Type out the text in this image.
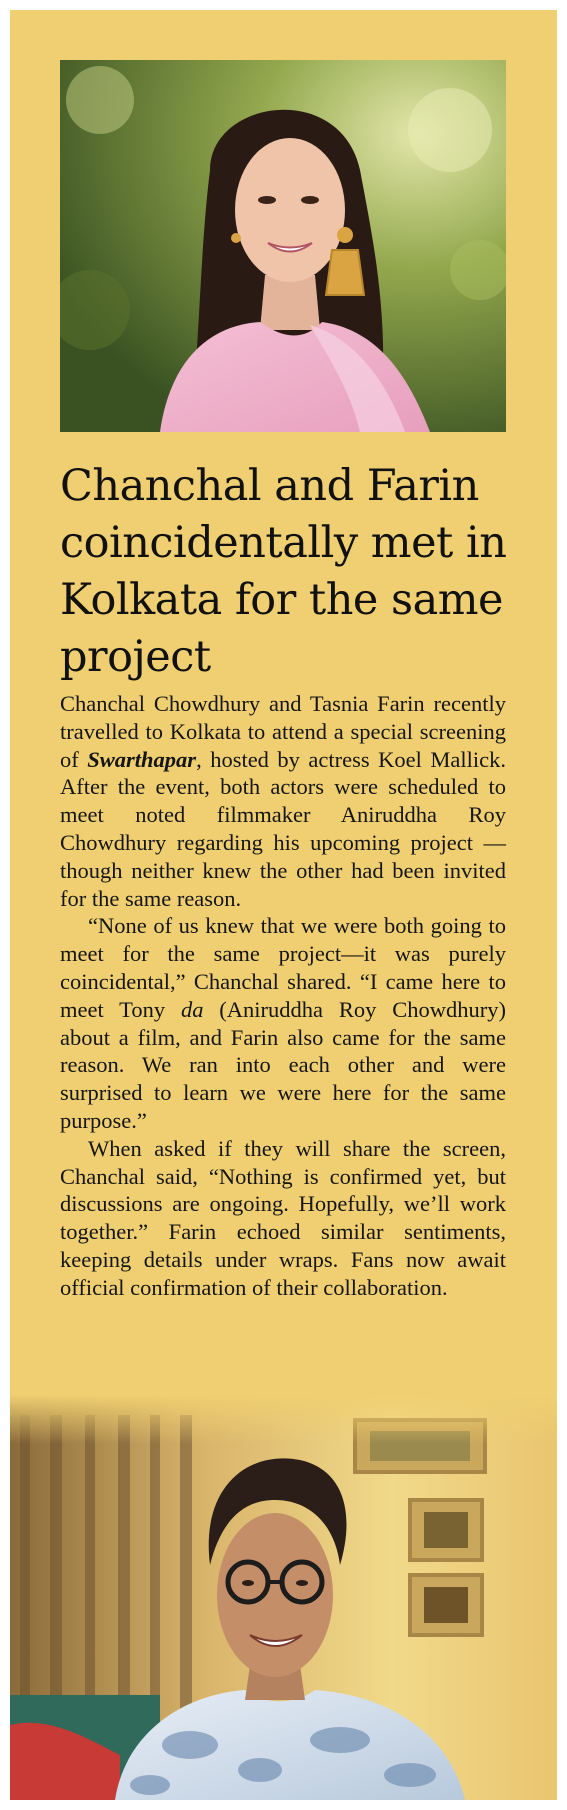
Chanchal and Farin coincidentally met in Kolkata for the same project

Chanchal Chowdhury and Tasnia Farin recently travelled to Kolkata to attend a special screening of Swarthapar, hosted by actress Koel Mallick. After the event, both actors were scheduled to meet noted filmmaker Aniruddha Roy Chowdhury regarding his upcoming project — though neither knew the other had been invited for the same reason.

“None of us knew that we were both going to meet for the same project—it was purely coincidental,” Chanchal shared. “I came here to meet Tony da (Aniruddha Roy Chowdhury) about a film, and Farin also came for the same reason. We ran into each other and were surprised to learn we were here for the same purpose.”

When asked if they will share the screen, Chanchal said, “Nothing is confirmed yet, but discussions are ongoing. Hopefully, we’ll work together.” Farin echoed similar sentiments, keeping details under wraps. Fans now await official confirmation of their collaboration.
